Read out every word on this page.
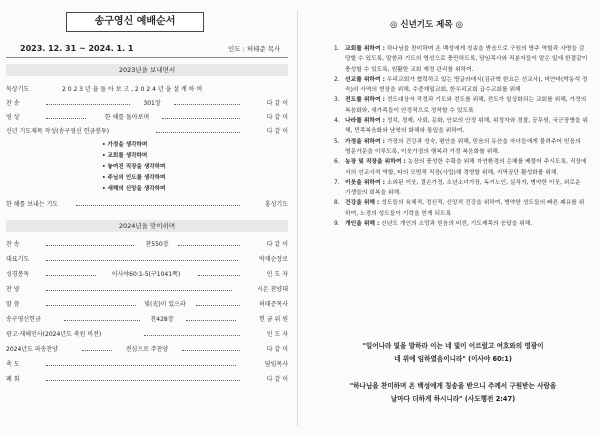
송구영신 예배순서
2023. 12. 31 ~ 2024. 1. 1	인도 : 허태준 목사
2023년을 보내면서
묵상기도	2 0 2 3 년 을 돌 아 보 고 , 2 0 2 4 년 을 설 계 하 며
찬 송	301장	다 같 이
영 상	한 해를 돌아보며	다 같 이
신년 기도제목 작성(송구영신 헌금봉투)	다 같 이
• 가정을 생각하며
• 교회를 생각하며
• 놓여진 직장을 생각하며
• 주님의 인도를 생각하며
• 새해의 신앙을 생각하며
한 해를 보내는 기도	홍성기도
2024년을 맞이하며
찬 송	찬550장	다 같 이
대표기도	박재순장로
성경봉독	이사야60:1-5(구1041쪽)	인 도 자
찬 양	시온 찬양대
말 씀	빛(光)이 있으라	허태준목사
송구영신헌금	찬428장	헌 금 위 원
광고·새해인사(2024년도 축원 비전)	인 도 자
2024년도 파송찬양	전심으로 주찬양	다 같 이
축 도	담임목사
폐 회	다 같 이
◎ 신년기도 제목 ◎
1. 교회를 위하여 : 하나님을 찬미하며 온 백성에게 칭송을 받음으로 구원의 방주 역할과 사명을 감당할 수 있도록, 말씀과 기도의 영성으로 충만하도록, 담임목사와 직분자들이 맡은 일에 한결같이 충성할 수 있도록, 원활한 교회 재정 관리를 위하여.
2. 선교를 위하여 : 우리교회가 협력하고 있는 방글라데시(김규혁 한요은 선교사), 미얀마(박동석 정숙)의 사역의 현장을 위해, 수중재일교회, 한우리교회 급수교회를 위해
3. 전도를 위하여 : 전도대상자 작정과 기도와 전도를 위해, 전도가 일상화되는 교회를 위해, 가정의 복음화와, 새가족들이 안정적으로 정착할 수 있도록
4. 나라를 위하여 : 정치, 경제, 사회, 문화, 안보의 안정 위해, 위정자와 경찰, 공무원, 국군장병을 위해, 민족복음화와 남북의 화해와 통일을 위하여.
5. 가정을 위하여 : 가정의 건강과 성숙, 평안을 위해, 믿음의 유산을 자녀들에게 물려주어 믿음의 명문가문을 이루도록, 이웃가정의 행복과 가정 복음화를 위해.
6. 농장 및 직장을 위하여 : 농장의 풍성한 수확을 위해 자연환경의 은혜를 베풀어 주시도록, 직장에서의 선교사적 역할, 타의 모범적 직장(사업)체 경영할 위해, 지역공단 활성화를 위해.
7. 이웃을 위하여 : 소외된 이웃, 결손가정, 소년소녀가장, 독거노인, 실직자, 병약한 이웃, 외로운 기생들의 회복을 위해.
8. 건강을 위해 : 성도들의 육체적, 정신적, 신앙적 건강을 위하여, 병약한 성도들의 빠른 쾌유를 위하여, 노경의 성도들이 기력을 얻게 되도록
9. 개인을 위해 : 신년도 개인의 소망과 믿음의 비전, 기도제목의 응답을 위해.
"일어나라 빛을 발하라 이는 네 빛이 이르렀고 여호와의 영광이
네 위에 임하였음이니라" (이사야 60:1)
"하나님을 찬미하며 온 백성에게 칭송을 받으니 주께서 구원받는 사람을
날마다 더하게 하시니라" (사도행전 2:47)
